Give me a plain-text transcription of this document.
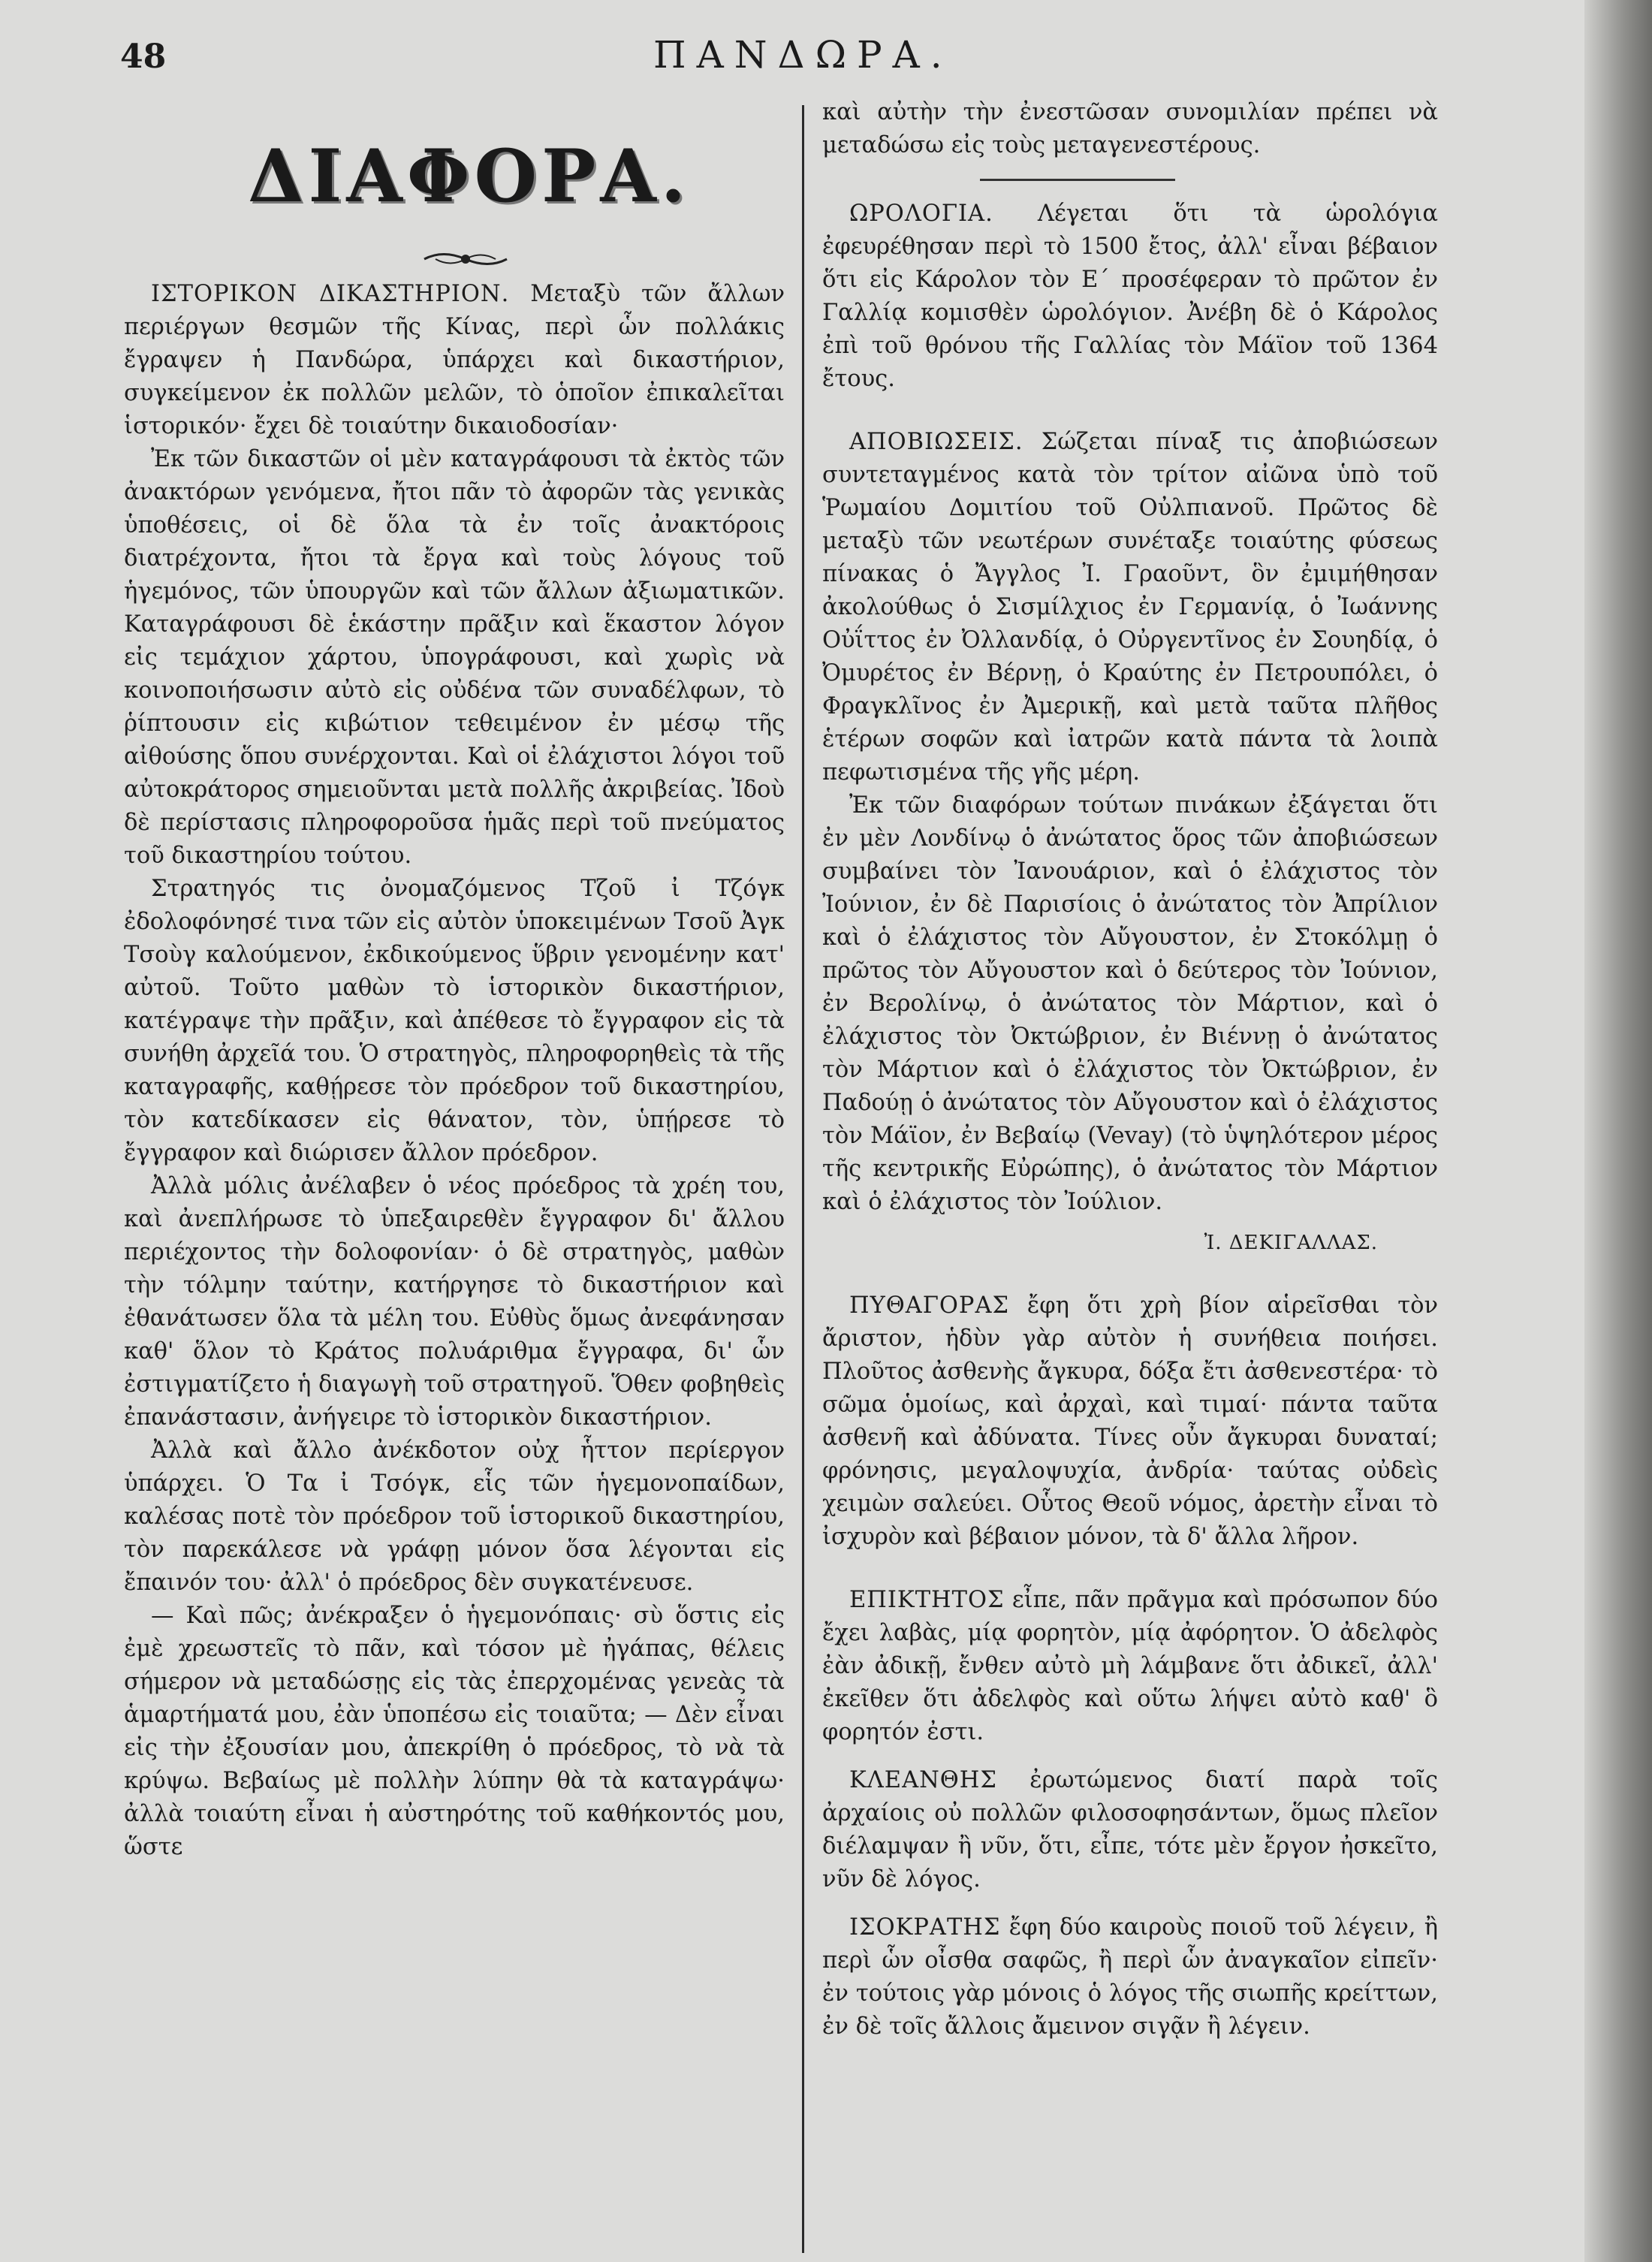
48	ΠΑΝΔΩΡΑ.
ΔΙΑΦΟΡΑ.

ΙΣΤΟΡΙΚΟΝ ΔΙΚΑΣΤΗΡΙΟΝ. Μεταξὺ τῶν ἄλλων περιέργων θεσμῶν τῆς Κίνας, περὶ ὧν πολλάκις ἔγραψεν ἡ Πανδώρα, ὑπάρχει καὶ δικαστήριον, συγκείμενον ἐκ πολλῶν μελῶν, τὸ ὁποῖον ἐπικαλεῖται ἱστορικόν· ἔχει δὲ τοιαύτην δικαιοδοσίαν·

Ἐκ τῶν δικαστῶν οἱ μὲν καταγράφουσι τὰ ἐκτὸς τῶν ἀνακτόρων γενόμενα, ἤτοι πᾶν τὸ ἀφορῶν τὰς γενικὰς ὑποθέσεις, οἱ δὲ ὅλα τὰ ἐν τοῖς ἀνακτόροις διατρέχοντα, ἤτοι τὰ ἔργα καὶ τοὺς λόγους τοῦ ἡγεμόνος, τῶν ὑπουργῶν καὶ τῶν ἄλλων ἀξιωματικῶν. Καταγράφουσι δὲ ἑκάστην πρᾶξιν καὶ ἕκαστον λόγον εἰς τεμάχιον χάρτου, ὑπογράφουσι, καὶ χωρὶς νὰ κοινοποιήσωσιν αὐτὸ εἰς οὐδένα τῶν συναδέλφων, τὸ ῥίπτουσιν εἰς κιβώτιον τεθειμένον ἐν μέσῳ τῆς αἰθούσης ὅπου συνέρχονται. Καὶ οἱ ἐλάχιστοι λόγοι τοῦ αὐτοκράτορος σημειοῦνται μετὰ πολλῆς ἀκριβείας. Ἰδοὺ δὲ περίστασις πληροφοροῦσα ἡμᾶς περὶ τοῦ πνεύματος τοῦ δικαστηρίου τούτου.

Στρατηγός τις ὀνομαζόμενος Τζοῦ ἰ Τζόγκ ἐδολοφόνησέ τινα τῶν εἰς αὐτὸν ὑποκειμένων Τσοῦ Ἀγκ Τσοὺγ καλούμενον, ἐκδικούμενος ὕβριν γενομένην κατ' αὐτοῦ. Τοῦτο μαθὼν τὸ ἱστορικὸν δικαστήριον, κατέγραψε τὴν πρᾶξιν, καὶ ἀπέθεσε τὸ ἔγγραφον εἰς τὰ συνήθη ἀρχεῖά του. Ὁ στρατηγὸς, πληροφορηθεὶς τὰ τῆς καταγραφῆς, καθῄρεσε τὸν πρόεδρον τοῦ δικαστηρίου, τὸν κατεδίκασεν εἰς θάνατον, τὸν, ὑπῄρεσε τὸ ἔγγραφον καὶ διώρισεν ἄλλον πρόεδρον.

Ἀλλὰ μόλις ἀνέλαβεν ὁ νέος πρόεδρος τὰ χρέη του, καὶ ἀνεπλήρωσε τὸ ὑπεξαιρεθὲν ἔγγραφον δι' ἄλλου περιέχοντος τὴν δολοφονίαν· ὁ δὲ στρατηγὸς, μαθὼν τὴν τόλμην ταύτην, κατήργησε τὸ δικαστήριον καὶ ἐθανάτωσεν ὅλα τὰ μέλη του. Εὐθὺς ὅμως ἀνεφάνησαν καθ' ὅλον τὸ Κράτος πολυάριθμα ἔγγραφα, δι' ὧν ἐστιγματίζετο ἡ διαγωγὴ τοῦ στρατηγοῦ. Ὅθεν φοβηθεὶς ἐπανάστασιν, ἀνήγειρε τὸ ἱστορικὸν δικαστήριον.

Ἀλλὰ καὶ ἄλλο ἀνέκδοτον οὐχ ἧττον περίεργον ὑπάρχει. Ὁ Τα ἰ Τσόγκ, εἷς τῶν ἡγεμονοπαίδων, καλέσας ποτὲ τὸν πρόεδρον τοῦ ἱστορικοῦ δικαστηρίου, τὸν παρεκάλεσε νὰ γράφῃ μόνον ὅσα λέγονται εἰς ἔπαινόν του· ἀλλ' ὁ πρόεδρος δὲν συγκατένευσε.

— Καὶ πῶς; ἀνέκραξεν ὁ ἡγεμονόπαις· σὺ ὅστις εἰς ἐμὲ χρεωστεῖς τὸ πᾶν, καὶ τόσον μὲ ἠγάπας, θέλεις σήμερον νὰ μεταδώσῃς εἰς τὰς ἐπερχομένας γενεὰς τὰ ἁμαρτήματά μου, ἐὰν ὑποπέσω εἰς τοιαῦτα; — Δὲν εἶναι εἰς τὴν ἐξουσίαν μου, ἀπεκρίθη ὁ πρόεδρος, τὸ νὰ τὰ κρύψω. Βεβαίως μὲ πολλὴν λύπην θὰ τὰ καταγράψω· ἀλλὰ τοιαύτη εἶναι ἡ αὐστηρότης τοῦ καθήκοντός μου, ὥστε

καὶ αὐτὴν τὴν ἐνεστῶσαν συνομιλίαν πρέπει νὰ μεταδώσω εἰς τοὺς μεταγενεστέρους.

ΩΡΟΛΟΓΙΑ. Λέγεται ὅτι τὰ ὡρολόγια ἐφευρέθησαν περὶ τὸ 1500 ἔτος, ἀλλ' εἶναι βέβαιον ὅτι εἰς Κάρολον τὸν Ε΄ προσέφεραν τὸ πρῶτον ἐν Γαλλίᾳ κομισθὲν ὡρολόγιον. Ἀνέβη δὲ ὁ Κάρολος ἐπὶ τοῦ θρόνου τῆς Γαλλίας τὸν Μάϊον τοῦ 1364 ἔτους.

ΑΠΟΒΙΩΣΕΙΣ. Σώζεται πίναξ τις ἀποβιώσεων συντεταγμένος κατὰ τὸν τρίτον αἰῶνα ὑπὸ τοῦ Ῥωμαίου Δομιτίου τοῦ Οὐλπιανοῦ. Πρῶτος δὲ μεταξὺ τῶν νεωτέρων συνέταξε τοιαύτης φύσεως πίνακας ὁ Ἄγγλος Ἰ. Γραοῦντ, ὃν ἐμιμήθησαν ἀκολούθως ὁ Σισμίλχιος ἐν Γερμανίᾳ, ὁ Ἰωάννης Οὐΐττος ἐν Ὀλλανδίᾳ, ὁ Οὐργεντῖνος ἐν Σουηδίᾳ, ὁ Ὀμυρέτος ἐν Βέρνῃ, ὁ Κραύτης ἐν Πετρουπόλει, ὁ Φραγκλῖνος ἐν Ἀμερικῇ, καὶ μετὰ ταῦτα πλῆθος ἑτέρων σοφῶν καὶ ἰατρῶν κατὰ πάντα τὰ λοιπὰ πεφωτισμένα τῆς γῆς μέρη.

Ἐκ τῶν διαφόρων τούτων πινάκων ἐξάγεται ὅτι ἐν μὲν Λονδίνῳ ὁ ἀνώτατος ὅρος τῶν ἀποβιώσεων συμβαίνει τὸν Ἰανουάριον, καὶ ὁ ἐλάχιστος τὸν Ἰούνιον, ἐν δὲ Παρισίοις ὁ ἀνώτατος τὸν Ἀπρίλιον καὶ ὁ ἐλάχιστος τὸν Αὔγουστον, ἐν Στοκόλμῃ ὁ πρῶτος τὸν Αὔγουστον καὶ ὁ δεύτερος τὸν Ἰούνιον, ἐν Βερολίνῳ, ὁ ἀνώτατος τὸν Μάρτιον, καὶ ὁ ἐλάχιστος τὸν Ὀκτώβριον, ἐν Βιέννῃ ὁ ἀνώτατος τὸν Μάρτιον καὶ ὁ ἐλάχιστος τὸν Ὀκτώβριον, ἐν Παδούῃ ὁ ἀνώτατος τὸν Αὔγουστον καὶ ὁ ἐλάχιστος τὸν Μάϊον, ἐν Βεβαίῳ (Vevay) (τὸ ὑψηλότερον μέρος τῆς κεντρικῆς Εὐρώπης), ὁ ἀνώτατος τὸν Μάρτιον καὶ ὁ ἐλάχιστος τὸν Ἰούλιον.

Ἰ. ΔΕΚΙΓΑΛΛΑΣ.

ΠΥΘΑΓΟΡΑΣ ἔφη ὅτι χρὴ βίον αἱρεῖσθαι τὸν ἄριστον, ἡδὺν γὰρ αὐτὸν ἡ συνήθεια ποιήσει. Πλοῦτος ἀσθενὴς ἄγκυρα, δόξα ἔτι ἀσθενεστέρα· τὸ σῶμα ὁμοίως, καὶ ἀρχαὶ, καὶ τιμαί· πάντα ταῦτα ἀσθενῆ καὶ ἀδύνατα. Τίνες οὖν ἄγκυραι δυναταί; φρόνησις, μεγαλοψυχία, ἀνδρία· ταύτας οὐδεὶς χειμὼν σαλεύει. Οὗτος Θεοῦ νόμος, ἀρετὴν εἶναι τὸ ἰσχυρὸν καὶ βέβαιον μόνον, τὰ δ' ἄλλα λῆρον.

ΕΠΙΚΤΗΤΟΣ εἶπε, πᾶν πρᾶγμα καὶ πρόσωπον δύο ἔχει λαβὰς, μίᾳ φορητὸν, μίᾳ ἀφόρητον. Ὁ ἀδελφὸς ἐὰν ἀδικῇ, ἔνθεν αὐτὸ μὴ λάμβανε ὅτι ἀδικεῖ, ἀλλ' ἐκεῖθεν ὅτι ἀδελφὸς καὶ οὕτω λήψει αὐτὸ καθ' ὃ φορητόν ἐστι.

ΚΛΕΑΝΘΗΣ ἐρωτώμενος διατί παρὰ τοῖς ἀρχαίοις οὐ πολλῶν φιλοσοφησάντων, ὅμως πλεῖον διέλαμψαν ἢ νῦν, ὅτι, εἶπε, τότε μὲν ἔργον ἠσκεῖτο, νῦν δὲ λόγος.

ΙΣΟΚΡΑΤΗΣ ἔφη δύο καιροὺς ποιοῦ τοῦ λέγειν, ἢ περὶ ὧν οἶσθα σαφῶς, ἢ περὶ ὧν ἀναγκαῖον εἰπεῖν· ἐν τούτοις γὰρ μόνοις ὁ λόγος τῆς σιωπῆς κρείττων, ἐν δὲ τοῖς ἄλλοις ἄμεινον σιγᾷν ἢ λέγειν.
